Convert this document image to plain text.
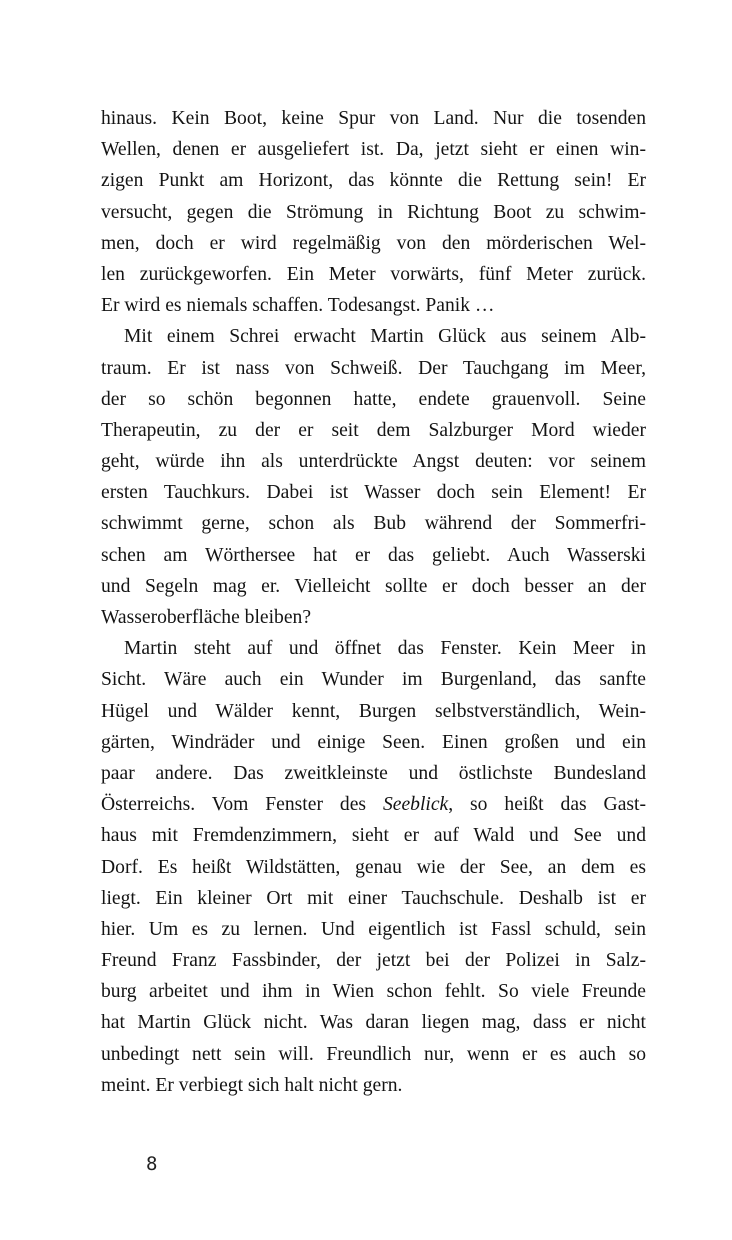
hinaus. Kein Boot, keine Spur von Land. Nur die tosenden
Wellen, denen er ausgeliefert ist. Da, jetzt sieht er einen win-
zigen Punkt am Horizont, das könnte die Rettung sein! Er
versucht, gegen die Strömung in Richtung Boot zu schwim-
men, doch er wird regelmäßig von den mörderischen Wel-
len zurückgeworfen. Ein Meter vorwärts, fünf Meter zurück.
Er wird es niemals schaffen. Todesangst. Panik …
Mit einem Schrei erwacht Martin Glück aus seinem Alb-
traum. Er ist nass von Schweiß. Der Tauchgang im Meer,
der so schön begonnen hatte, endete grauenvoll. Seine
Therapeutin, zu der er seit dem Salzburger Mord wieder
geht, würde ihn als unterdrückte Angst deuten: vor seinem
ersten Tauchkurs. Dabei ist Wasser doch sein Element! Er
schwimmt gerne, schon als Bub während der Sommerfri-
schen am Wörthersee hat er das geliebt. Auch Wasserski
und Segeln mag er. Vielleicht sollte er doch besser an der
Wasseroberfläche bleiben?
Martin steht auf und öffnet das Fenster. Kein Meer in
Sicht. Wäre auch ein Wunder im Burgenland, das sanfte
Hügel und Wälder kennt, Burgen selbstverständlich, Wein-
gärten, Windräder und einige Seen. Einen großen und ein
paar andere. Das zweitkleinste und östlichste Bundesland
Österreichs. Vom Fenster des Seeblick, so heißt das Gast-
haus mit Fremdenzimmern, sieht er auf Wald und See und
Dorf. Es heißt Wildstätten, genau wie der See, an dem es
liegt. Ein kleiner Ort mit einer Tauchschule. Deshalb ist er
hier. Um es zu lernen. Und eigentlich ist Fassl schuld, sein
Freund Franz Fassbinder, der jetzt bei der Polizei in Salz-
burg arbeitet und ihm in Wien schon fehlt. So viele Freunde
hat Martin Glück nicht. Was daran liegen mag, dass er nicht
unbedingt nett sein will. Freundlich nur, wenn er es auch so
meint. Er verbiegt sich halt nicht gern.
8
